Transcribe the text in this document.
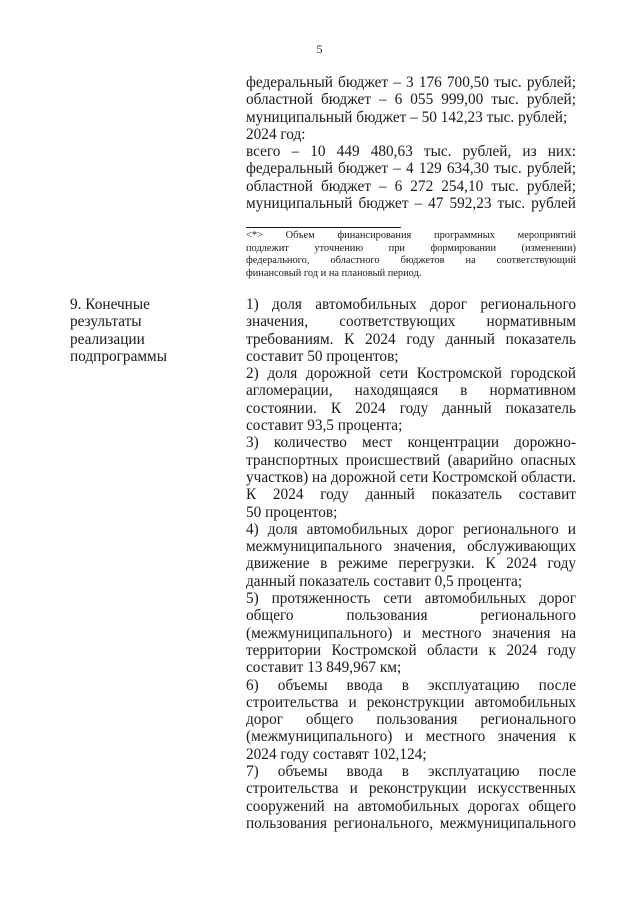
5
федеральный бюджет – 3 176 700,50 тыс. рублей;
областной бюджет – 6 055 999,00 тыс. рублей;
муниципальный бюджет – 50 142,23 тыс. рублей;
2024 год:
всего – 10 449 480,63 тыс. рублей, из них:
федеральный бюджет – 4 129 634,30 тыс. рублей;
областной бюджет – 6 272 254,10 тыс. рублей;
муниципальный бюджет – 47 592,23 тыс. рублей
<*> Объем финансирования программных мероприятий
подлежит уточнению при формировании (изменении)
федерального, областного бюджетов на соответствующий
финансовый год и на плановый период.
9. Конечные
результаты
реализации
подпрограммы
1) доля автомобильных дорог регионального
значения, соответствующих нормативным
требованиям. К 2024 году данный показатель
составит 50 процентов;
2) доля дорожной сети Костромской городской
агломерации, находящаяся в нормативном
состоянии. К 2024 году данный показатель
составит 93,5 процента;
3) количество мест концентрации дорожно-
транспортных происшествий (аварийно опасных
участков) на дорожной сети Костромской области.
К 2024 году данный показатель составит
50 процентов;
4) доля автомобильных дорог регионального и
межмуниципального значения, обслуживающих
движение в режиме перегрузки. К 2024 году
данный показатель составит 0,5 процента;
5) протяженность сети автомобильных дорог
общего пользования регионального
(межмуниципального) и местного значения на
территории Костромской области к 2024 году
составит 13 849,967 км;
6) объемы ввода в эксплуатацию после
строительства и реконструкции автомобильных
дорог общего пользования регионального
(межмуниципального) и местного значения к
2024 году составят 102,124;
7) объемы ввода в эксплуатацию после
строительства и реконструкции искусственных
сооружений на автомобильных дорогах общего
пользования регионального, межмуниципального
